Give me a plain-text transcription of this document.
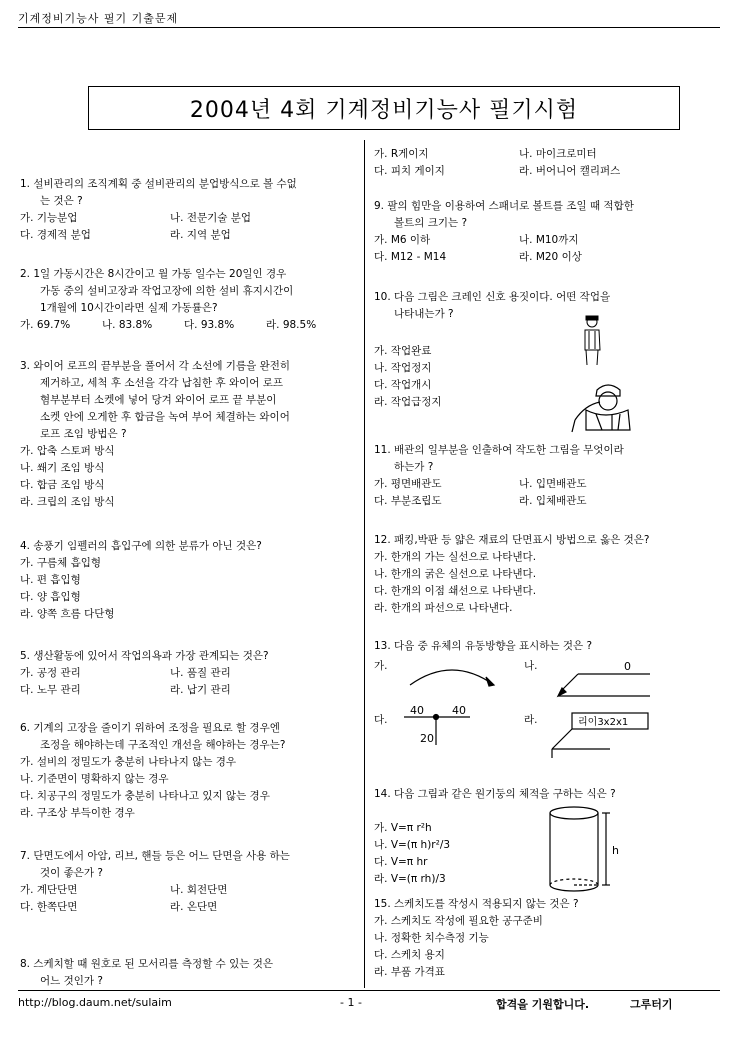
기계정비기능사 필기 기출문제
2004년 4회 기계정비기능사 필기시험
1. 설비관리의 조직계획 중 설비관리의 분업방식으로 볼 수없
는 것은 ?
가. 기능분업	나. 전문기술 분업
다. 경제적 분업	라. 지역 분업
2. 1일 가동시간은 8시간이고 월 가동 일수는 20일인 경우
가동 중의 설비고장과 작업고장에 의한 설비 휴지시간이
1개월에 10시간이라면 실제 가동률은?
가. 69.7%	나. 83.8%	다. 93.8%	라. 98.5%
3. 와이어 로프의 끝부분을 풀어서 각 소선에 기름을 완전히
제거하고, 세척 후 소선을 각각 납침한 후 와이어 로프
혐부분부터 소켓에 넣어 당겨 와이어 로프 끝 부분이
소켓 안에 오게한 후 합금을 녹여 부어 체결하는 와이어
로프 조임 방법은 ?
가. 압축 스토퍼 방식
나. 쐐기 조임 방식
다. 합금 조임 방식
라. 크립의 조임 방식
4. 송풍기 임펠러의 흡입구에 의한 분류가 아닌 것은?
가. 구름체 흡입형
나. 편 흡입형
다. 양 흡입형
라. 양쪽 흐름 다단형
5. 생산활동에 있어서 작업의욕과 가장 관계되는 것은?
가. 공정 관리	나. 품질 관리
다. 노무 관리	라. 납기 관리
6. 기계의 고장을 줄이기 위하여 조정을 필요로 할 경우엔
조정을 해야하는데 구조적인 개선을 해야하는 경우는?
가. 설비의 정밀도가 충분히 나타나지 않는 경우
나. 기준면이 명확하지 않는 경우
다. 치공구의 정밀도가 충분히 나타나고 있지 않는 경우
라. 구조상 부득이한 경우
7. 단면도에서 아암, 리브, 핸들 등은 어느 단면을 사용 하는
것이 좋은가 ?
가. 계단단면	나. 회전단면
다. 한쪽단면	라. 온단면
8. 스케치할 때 원호로 된 모서리를 측정할 수 있는 것은
어느 것인가 ?
가. R게이지	나. 마이크로미터
다. 피치 게이지	라. 버어니어 캘리퍼스
9. 팔의 힘만을 이용하여 스패너로 볼트를 조일 때 적합한
볼트의 크기는 ?
가. M6 이하	나. M10까지
다. M12 - M14	라. M20 이상
10. 다음 그림은 크레인 신호 용짓이다. 어떤 작업을
나타내는가 ?
가. 작업완료
나. 작업정지
다. 작업개시
라. 작업급정지
11. 배관의 일부분을 인출하여 작도한 그림을 무엇이라
하는가 ?
가. 평면배관도	나. 입면배관도
다. 부분조립도	라. 입체배관도
12. 패킹,박판 등 얇은 재료의 단면표시 방법으로 옳은 것은?
가. 한개의 가는 실선으로 나타낸다.
나. 한개의 굵은 실선으로 나타낸다.
다. 한개의 이점 쇄선으로 나타낸다.
라. 한개의 파선으로 나타낸다.
13. 다음 중 유체의 유동방향을 표시하는 것은 ?
가.	나.
다.	라.
14. 다음 그림과 같은 원기둥의 체적을 구하는 식은 ?
가. V=π r²h
나. V=(π h)r²/3
다. V=π hr
라. V=(π rh)/3
15. 스케치도를 작성시 적용되지 않는 것은 ?
가. 스케치도 작성에 필요한 공구준비
나. 정확한 치수측정 기능
다. 스케치 용지
라. 부품 가격표
0
40	40
20
리이3x2x1
h
http://blog.daum.net/sulaim	- 1 -	합격을 기원합니다.	그루터기
